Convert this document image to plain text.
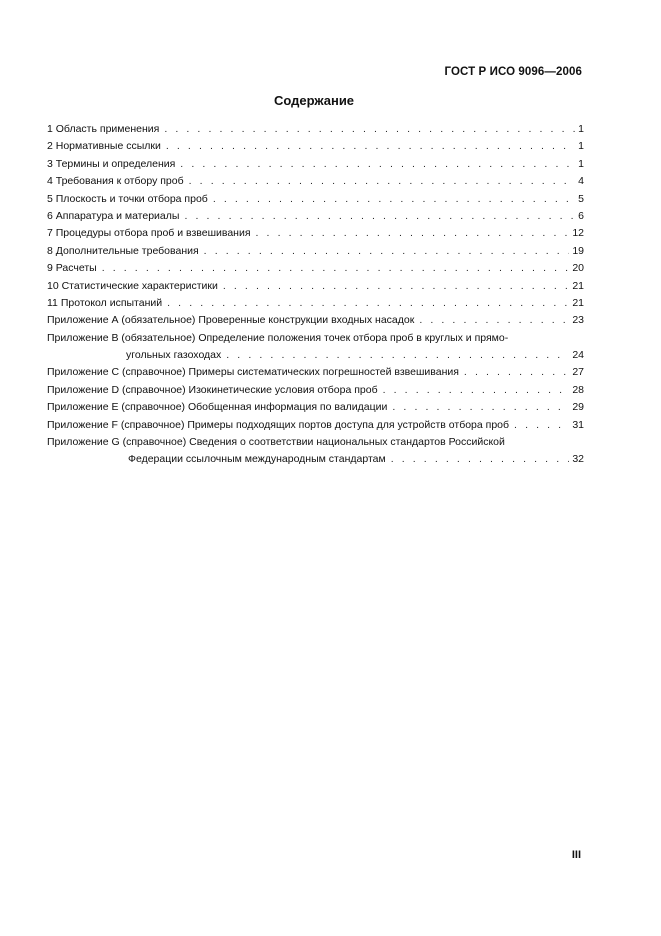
ГОСТ Р ИСО 9096—2006
Содержание
1 Область применения . . .	1
2 Нормативные ссылки . . .	1
3 Термины и определения . . .	1
4 Требования к отбору проб . . .	4
5 Плоскость и точки отбора проб . . .	5
6 Аппаратура и материалы . . .	6
7 Процедуры отбора проб и взвешивания . . .	12
8 Дополнительные требования . . .	19
9 Расчеты . . .	20
10 Статистические характеристики . . .	21
11 Протокол испытаний . . .	21
Приложение А (обязательное) Проверенные конструкции входных насадок . . .	23
Приложение В (обязательное) Определение положения точек отбора проб в круглых и прямо-
угольных газоходах . . .	24
Приложение С (справочное) Примеры систематических погрешностей взвешивания . . .	27
Приложение D (справочное) Изокинетические условия отбора проб . . .	28
Приложение Е (справочное) Обобщенная информация по валидации . . .	29
Приложение F (справочное) Примеры подходящих портов доступа для устройств отбора проб . . .	31
Приложение G (справочное) Сведения о соответствии национальных стандартов Российской
Федерации ссылочным международным стандартам . . .	32
III
